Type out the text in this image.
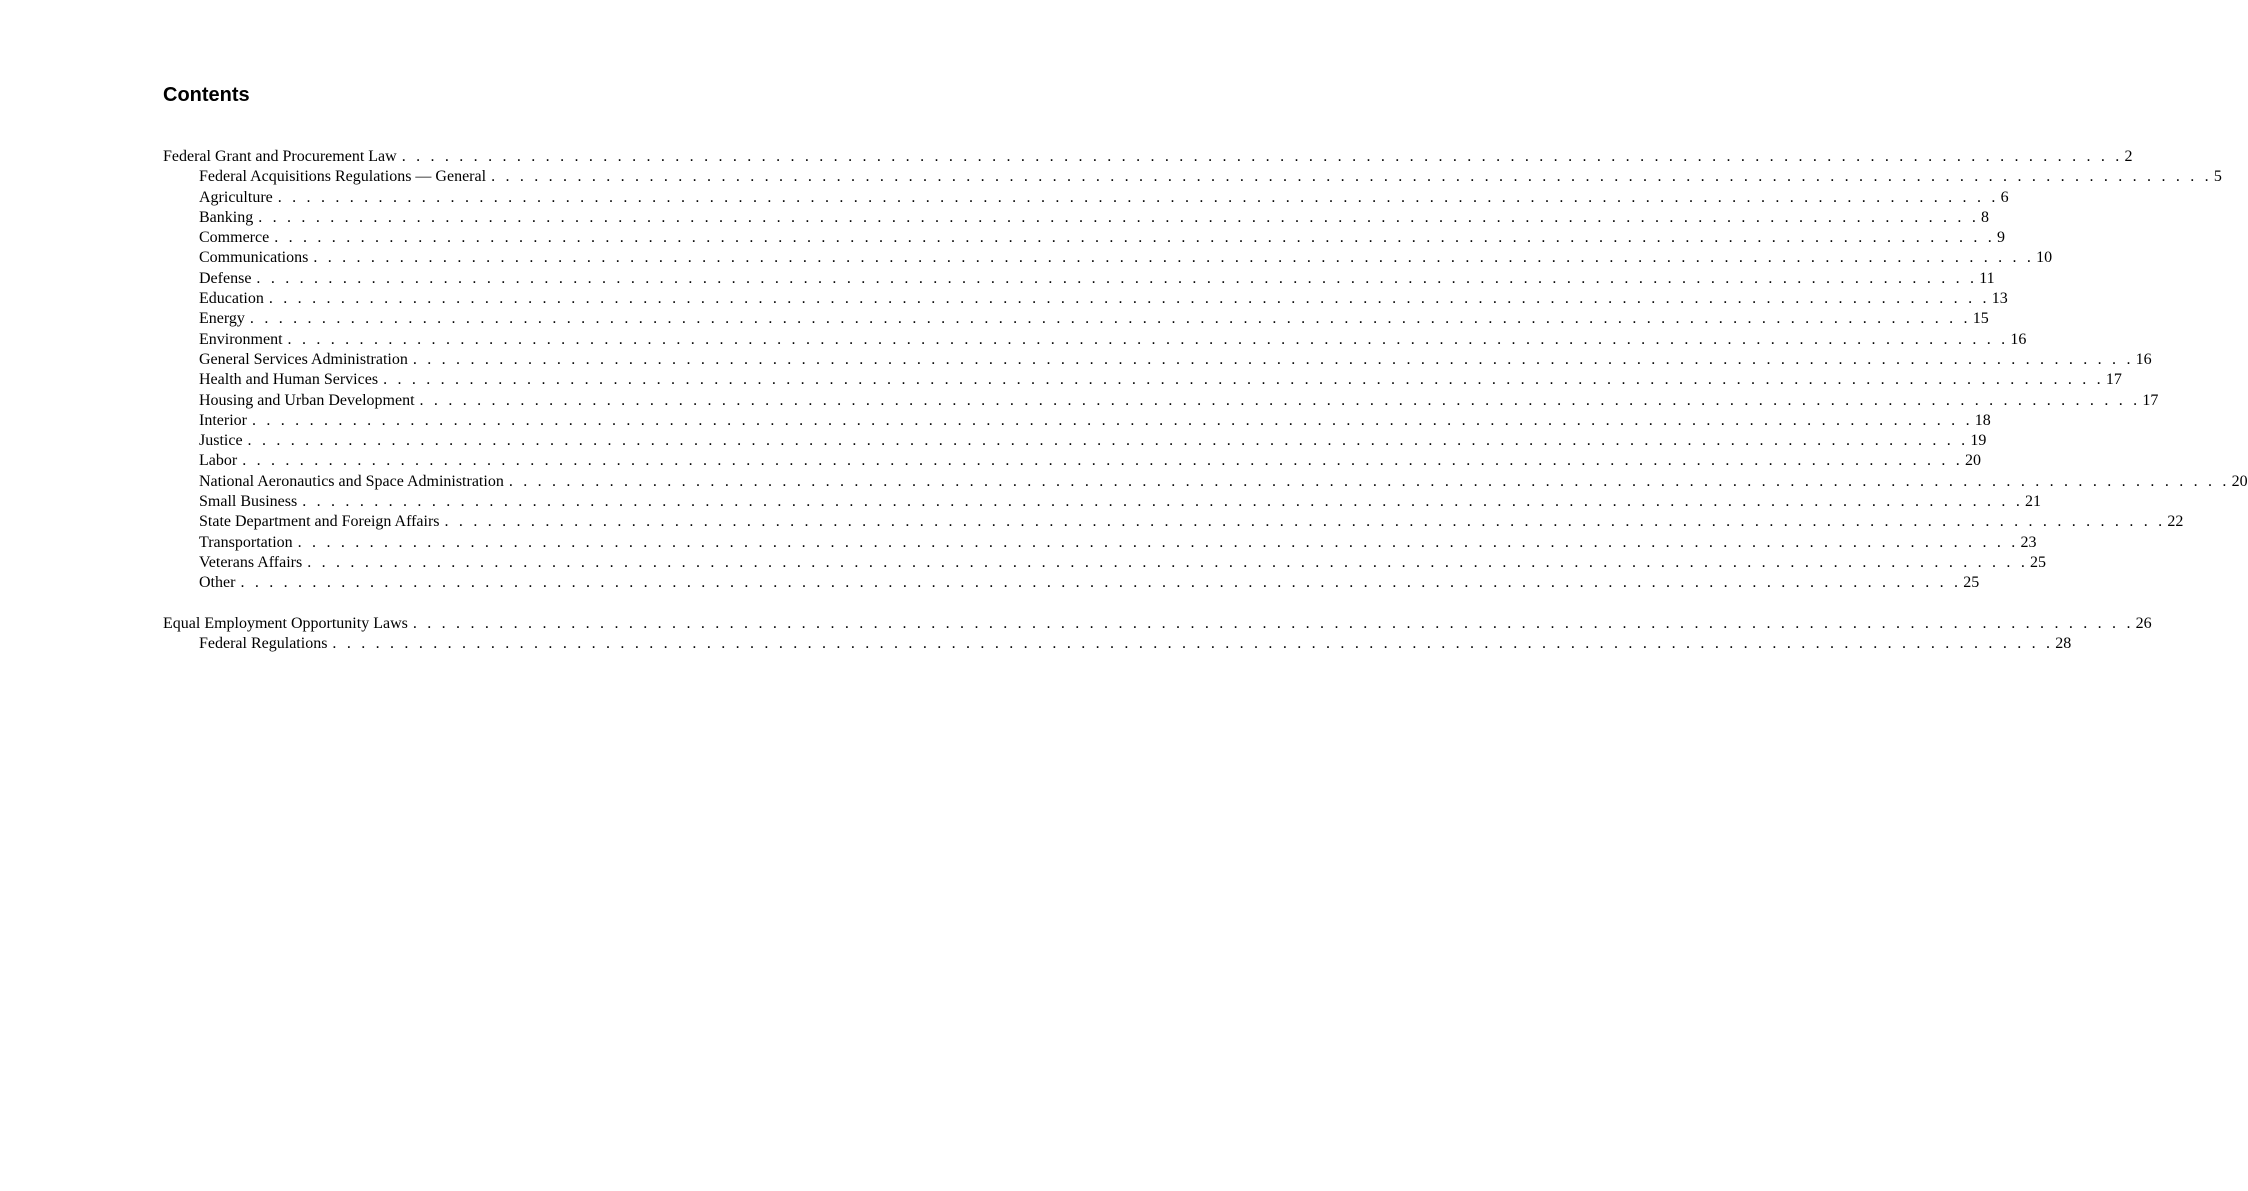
Contents
Federal Grant and Procurement Law . . . . . . . . . . . . . . . . . . . . . . . . . . . . . . . . . . . . . . . . . . . . . . . . . . . . . . . . . . . . . . . . . . . . . . . . . . . . . . . . . . . . . . . . . . . . . . . . . . . . . . . . . . . . . . . . . . . . . . . . 2
Federal Acquisitions Regulations — General . . . . . . . . . . . . . . . . . . . . . . . . . . . . . . . . . . . . . . . . . . . . . . . . . . . . . . . . . . . . . . . . . . . . . . . . . . . . . . . . . . . . . . . . . . . . . . . . . . . . . . . . . . . . . . . . . . . . . . . . 5
Agriculture . . . . . . . . . . . . . . . . . . . . . . . . . . . . . . . . . . . . . . . . . . . . . . . . . . . . . . . . . . . . . . . . . . . . . . . . . . . . . . . . . . . . . . . . . . . . . . . . . . . . . . . . . . . . . . . . . . . . . . . . 6
Banking . . . . . . . . . . . . . . . . . . . . . . . . . . . . . . . . . . . . . . . . . . . . . . . . . . . . . . . . . . . . . . . . . . . . . . . . . . . . . . . . . . . . . . . . . . . . . . . . . . . . . . . . . . . . . . . . . . . . . . . . 8
Commerce . . . . . . . . . . . . . . . . . . . . . . . . . . . . . . . . . . . . . . . . . . . . . . . . . . . . . . . . . . . . . . . . . . . . . . . . . . . . . . . . . . . . . . . . . . . . . . . . . . . . . . . . . . . . . . . . . . . . . . . . 9
Communications . . . . . . . . . . . . . . . . . . . . . . . . . . . . . . . . . . . . . . . . . . . . . . . . . . . . . . . . . . . . . . . . . . . . . . . . . . . . . . . . . . . . . . . . . . . . . . . . . . . . . . . . . . . . . . . . . . . . . . . . 10
Defense . . . . . . . . . . . . . . . . . . . . . . . . . . . . . . . . . . . . . . . . . . . . . . . . . . . . . . . . . . . . . . . . . . . . . . . . . . . . . . . . . . . . . . . . . . . . . . . . . . . . . . . . . . . . . . . . . . . . . . . . 11
Education . . . . . . . . . . . . . . . . . . . . . . . . . . . . . . . . . . . . . . . . . . . . . . . . . . . . . . . . . . . . . . . . . . . . . . . . . . . . . . . . . . . . . . . . . . . . . . . . . . . . . . . . . . . . . . . . . . . . . . . . 13
Energy . . . . . . . . . . . . . . . . . . . . . . . . . . . . . . . . . . . . . . . . . . . . . . . . . . . . . . . . . . . . . . . . . . . . . . . . . . . . . . . . . . . . . . . . . . . . . . . . . . . . . . . . . . . . . . . . . . . . . . . . 15
Environment . . . . . . . . . . . . . . . . . . . . . . . . . . . . . . . . . . . . . . . . . . . . . . . . . . . . . . . . . . . . . . . . . . . . . . . . . . . . . . . . . . . . . . . . . . . . . . . . . . . . . . . . . . . . . . . . . . . . . . . . 16
General Services Administration . . . . . . . . . . . . . . . . . . . . . . . . . . . . . . . . . . . . . . . . . . . . . . . . . . . . . . . . . . . . . . . . . . . . . . . . . . . . . . . . . . . . . . . . . . . . . . . . . . . . . . . . . . . . . . . . . . . . . . . . 16
Health and Human Services . . . . . . . . . . . . . . . . . . . . . . . . . . . . . . . . . . . . . . . . . . . . . . . . . . . . . . . . . . . . . . . . . . . . . . . . . . . . . . . . . . . . . . . . . . . . . . . . . . . . . . . . . . . . . . . . . . . . . . . . 17
Housing and Urban Development . . . . . . . . . . . . . . . . . . . . . . . . . . . . . . . . . . . . . . . . . . . . . . . . . . . . . . . . . . . . . . . . . . . . . . . . . . . . . . . . . . . . . . . . . . . . . . . . . . . . . . . . . . . . . . . . . . . . . . . . 17
Interior . . . . . . . . . . . . . . . . . . . . . . . . . . . . . . . . . . . . . . . . . . . . . . . . . . . . . . . . . . . . . . . . . . . . . . . . . . . . . . . . . . . . . . . . . . . . . . . . . . . . . . . . . . . . . . . . . . . . . . . . 18
Justice . . . . . . . . . . . . . . . . . . . . . . . . . . . . . . . . . . . . . . . . . . . . . . . . . . . . . . . . . . . . . . . . . . . . . . . . . . . . . . . . . . . . . . . . . . . . . . . . . . . . . . . . . . . . . . . . . . . . . . . . 19
Labor . . . . . . . . . . . . . . . . . . . . . . . . . . . . . . . . . . . . . . . . . . . . . . . . . . . . . . . . . . . . . . . . . . . . . . . . . . . . . . . . . . . . . . . . . . . . . . . . . . . . . . . . . . . . . . . . . . . . . . . . 20
National Aeronautics and Space Administration . . . . . . . . . . . . . . . . . . . . . . . . . . . . . . . . . . . . . . . . . . . . . . . . . . . . . . . . . . . . . . . . . . . . . . . . . . . . . . . . . . . . . . . . . . . . . . . . . . . . . . . . . . . . . . . . . . . . . . . . 20
Small Business . . . . . . . . . . . . . . . . . . . . . . . . . . . . . . . . . . . . . . . . . . . . . . . . . . . . . . . . . . . . . . . . . . . . . . . . . . . . . . . . . . . . . . . . . . . . . . . . . . . . . . . . . . . . . . . . . . . . . . . . 21
State Department and Foreign Affairs . . . . . . . . . . . . . . . . . . . . . . . . . . . . . . . . . . . . . . . . . . . . . . . . . . . . . . . . . . . . . . . . . . . . . . . . . . . . . . . . . . . . . . . . . . . . . . . . . . . . . . . . . . . . . . . . . . . . . . . . 22
Transportation . . . . . . . . . . . . . . . . . . . . . . . . . . . . . . . . . . . . . . . . . . . . . . . . . . . . . . . . . . . . . . . . . . . . . . . . . . . . . . . . . . . . . . . . . . . . . . . . . . . . . . . . . . . . . . . . . . . . . . . . 23
Veterans Affairs . . . . . . . . . . . . . . . . . . . . . . . . . . . . . . . . . . . . . . . . . . . . . . . . . . . . . . . . . . . . . . . . . . . . . . . . . . . . . . . . . . . . . . . . . . . . . . . . . . . . . . . . . . . . . . . . . . . . . . . . 25
Other . . . . . . . . . . . . . . . . . . . . . . . . . . . . . . . . . . . . . . . . . . . . . . . . . . . . . . . . . . . . . . . . . . . . . . . . . . . . . . . . . . . . . . . . . . . . . . . . . . . . . . . . . . . . . . . . . . . . . . . . 25
Equal Employment Opportunity Laws . . . . . . . . . . . . . . . . . . . . . . . . . . . . . . . . . . . . . . . . . . . . . . . . . . . . . . . . . . . . . . . . . . . . . . . . . . . . . . . . . . . . . . . . . . . . . . . . . . . . . . . . . . . . . . . . . . . . . . . . 26
Federal Regulations . . . . . . . . . . . . . . . . . . . . . . . . . . . . . . . . . . . . . . . . . . . . . . . . . . . . . . . . . . . . . . . . . . . . . . . . . . . . . . . . . . . . . . . . . . . . . . . . . . . . . . . . . . . . . . . . . . . . . . . . 28
